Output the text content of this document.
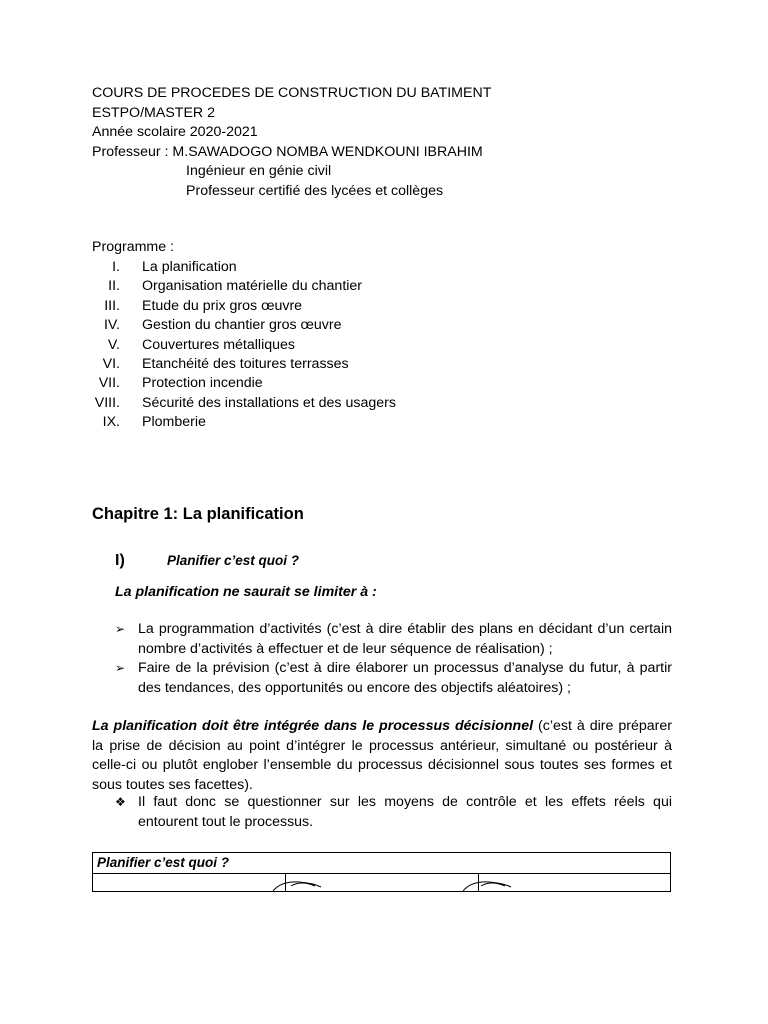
COURS DE PROCEDES DE CONSTRUCTION DU BATIMENT
ESTPO/MASTER 2
Année scolaire 2020-2021
Professeur : M.SAWADOGO NOMBA WENDKOUNI IBRAHIM
Ingénieur en génie civil
Professeur certifié des lycées et collèges
Programme :
I. La planification
II. Organisation matérielle du chantier
III. Etude du prix gros œuvre
IV. Gestion du chantier gros œuvre
V. Couvertures métalliques
VI. Etanchéité des toitures terrasses
VII. Protection incendie
VIII. Sécurité des installations et des usagers
IX. Plomberie
Chapitre 1: La planification
I)	Planifier c’est quoi ?
La planification ne saurait se limiter à :
➢ La programmation d’activités (c’est à dire établir des plans en décidant d’un certain nombre d’activités à effectuer et de leur séquence de réalisation) ;
➢ Faire de la prévision (c’est à dire élaborer un processus d’analyse du futur, à partir des tendances, des opportunités ou encore des objectifs aléatoires) ;
La planification doit être intégrée dans le processus décisionnel (c’est à dire préparer la prise de décision au point d’intégrer le processus antérieur, simultané ou postérieur à celle-ci ou plutôt englober l’ensemble du processus décisionnel sous toutes ses formes et sous toutes ses facettes).
❖ Il faut donc se questionner sur les moyens de contrôle et les effets réels qui entourent tout le processus.
Planifier c’est quoi ?
